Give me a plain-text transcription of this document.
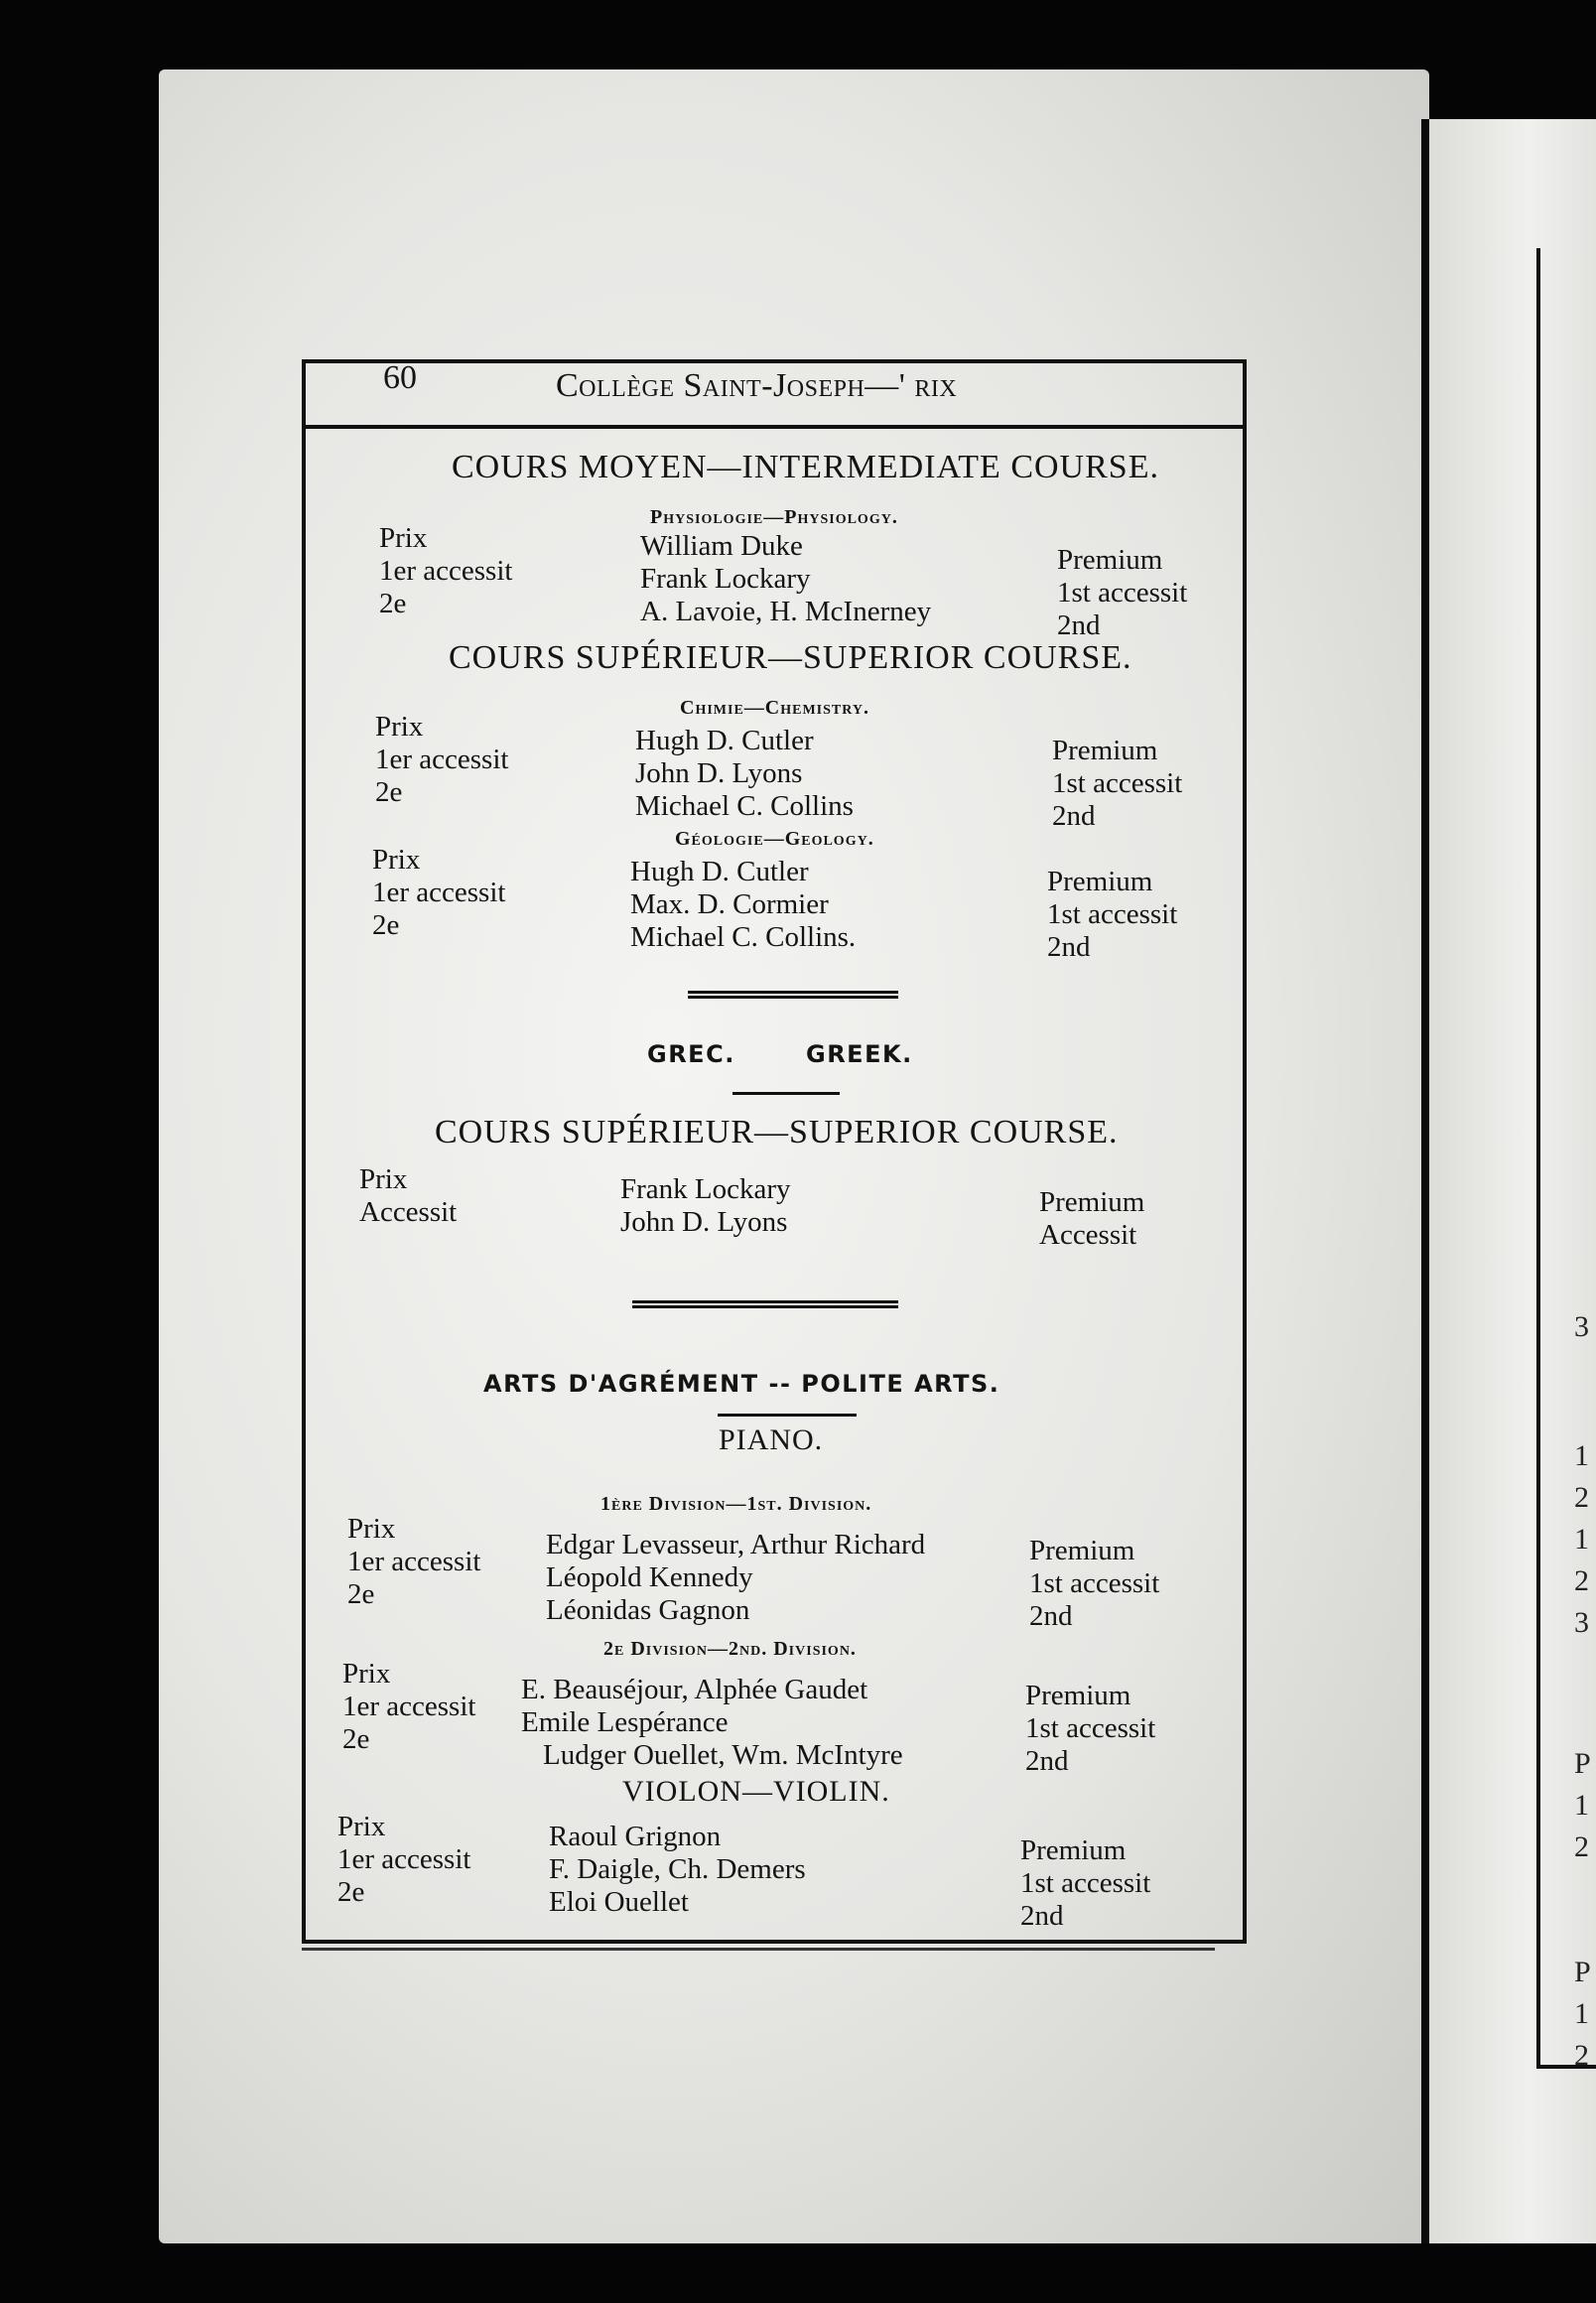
3
1
2
1
2
3
P
1
2
P
1
2
60	Collège Saint-Joseph—' rix
COURS MOYEN—INTERMEDIATE COURSE.
Physiologie—Physiology.
Prix
1er accessit
2e
William Duke
Frank Lockary
A. Lavoie, H. McInerney
Premium
1st accessit
2nd
COURS SUPÉRIEUR—SUPERIOR COURSE.
Chimie—Chemistry.
Prix
1er accessit
2e
Hugh D. Cutler
John D. Lyons
Michael C. Collins
Premium
1st accessit
2nd
Géologie—Geology.
Prix
1er accessit
2e
Hugh D. Cutler
Max. D. Cormier
Michael C. Collins.
Premium
1st accessit
2nd
GREC.	GREEK.
COURS SUPÉRIEUR—SUPERIOR COURSE.
Prix
Accessit
Frank Lockary
John D. Lyons
Premium
Accessit
ARTS D'AGRÉMENT -- POLITE ARTS.
PIANO.
1ère Division—1st. Division.
Prix
1er accessit
2e
Edgar Levasseur, Arthur Richard
Léopold Kennedy
Léonidas Gagnon
Premium
1st accessit
2nd
2e Division—2nd. Division.
Prix
1er accessit
2e
E. Beauséjour, Alphée Gaudet
Emile Lespérance
Ludger Ouellet, Wm. McIntyre
Premium
1st accessit
2nd
VIOLON—VIOLIN.
Prix
1er accessit
2e
Raoul Grignon
F. Daigle, Ch. Demers
Eloi Ouellet
Premium
1st accessit
2nd
